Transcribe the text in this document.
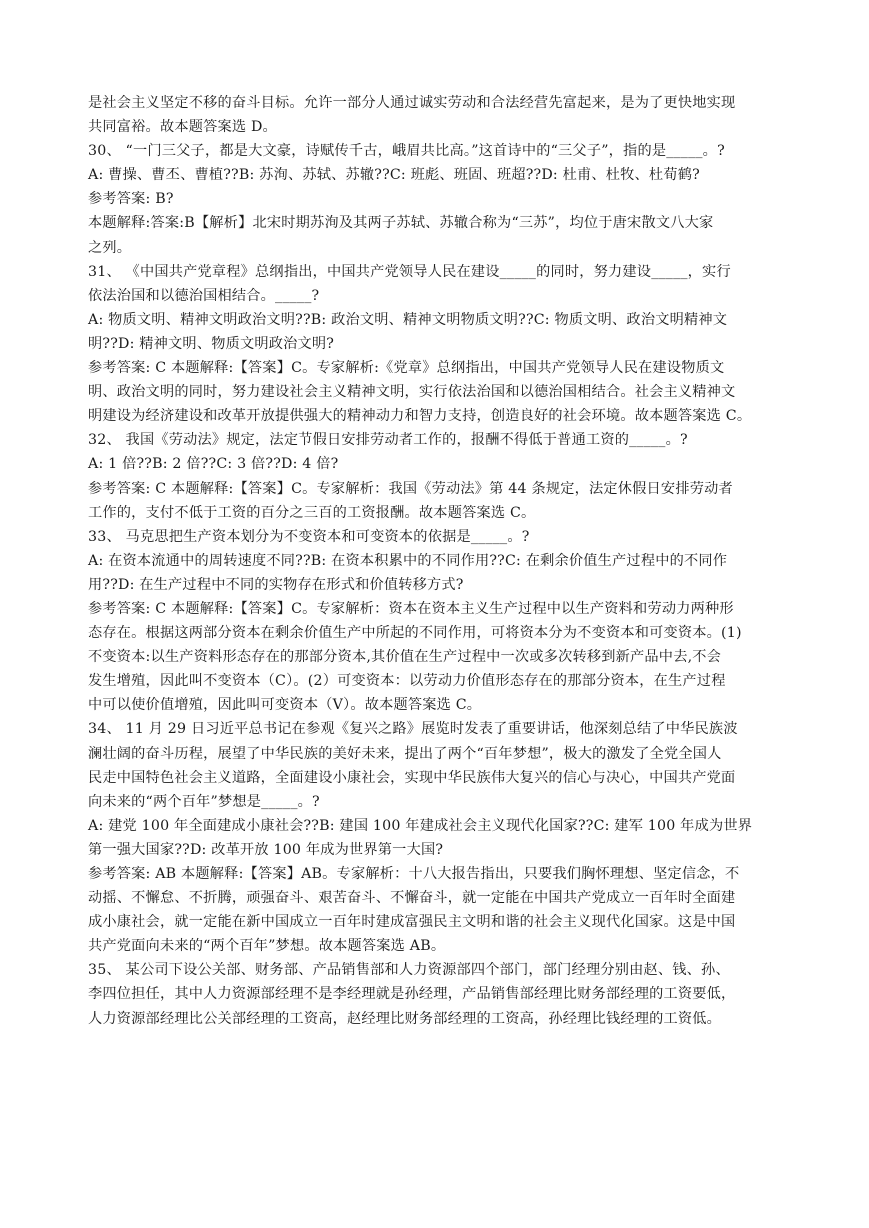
是社会主义坚定不移的奋斗目标。允许一部分人通过诚实劳动和合法经营先富起来，是为了更快地实现
共同富裕。故本题答案选 D。
30、 “一门三父子，都是大文豪，诗赋传千古，峨眉共比高。”这首诗中的“三父子”，指的是_____。?
A: 曹操、曹丕、曹植??B: 苏洵、苏轼、苏辙??C: 班彪、班固、班超??D: 杜甫、杜牧、杜荀鹤?
参考答案: B?
本题解释:答案:B【解析】北宋时期苏洵及其两子苏轼、苏辙合称为“三苏”，均位于唐宋散文八大家
之列。
31、 《中国共产党章程》总纲指出，中国共产党领导人民在建设_____的同时，努力建设_____，实行
依法治国和以德治国相结合。_____?
A: 物质文明、精神文明政治文明??B: 政治文明、精神文明物质文明??C: 物质文明、政治文明精神文
明??D: 精神文明、物质文明政治文明?
参考答案: C 本题解释:【答案】C。专家解析:《党章》总纲指出，中国共产党领导人民在建设物质文
明、政治文明的同时，努力建设社会主义精神文明，实行依法治国和以德治国相结合。社会主义精神文
明建设为经济建设和改革开放提供强大的精神动力和智力支持，创造良好的社会环境。故本题答案选 C。
32、 我国《劳动法》规定，法定节假日安排劳动者工作的，报酬不得低于普通工资的_____。?
A: 1 倍??B: 2 倍??C: 3 倍??D: 4 倍?
参考答案: C 本题解释:【答案】C。专家解析：我国《劳动法》第 44 条规定，法定休假日安排劳动者
工作的，支付不低于工资的百分之三百的工资报酬。故本题答案选 C。
33、 马克思把生产资本划分为不变资本和可变资本的依据是_____。?
A: 在资本流通中的周转速度不同??B: 在资本积累中的不同作用??C: 在剩余价值生产过程中的不同作
用??D: 在生产过程中不同的实物存在形式和价值转移方式?
参考答案: C 本题解释:【答案】C。专家解析：资本在资本主义生产过程中以生产资料和劳动力两种形
态存在。根据这两部分资本在剩余价值生产中所起的不同作用，可将资本分为不变资本和可变资本。(1)
不变资本:以生产资料形态存在的那部分资本,其价值在生产过程中一次或多次转移到新产品中去,不会
发生增殖，因此叫不变资本（C）。(2）可变资本：以劳动力价值形态存在的那部分资本，在生产过程
中可以使价值增殖，因此叫可变资本（V）。故本题答案选 C。
34、 11 月 29 日习近平总书记在参观《复兴之路》展览时发表了重要讲话，他深刻总结了中华民族波
澜壮阔的奋斗历程，展望了中华民族的美好未来，提出了两个“百年梦想”，极大的激发了全党全国人
民走中国特色社会主义道路，全面建设小康社会，实现中华民族伟大复兴的信心与决心，中国共产党面
向未来的“两个百年”梦想是_____。?
A: 建党 100 年全面建成小康社会??B: 建国 100 年建成社会主义现代化国家??C: 建军 100 年成为世界
第一强大国家??D: 改革开放 100 年成为世界第一大国?
参考答案: AB 本题解释:【答案】AB。专家解析：十八大报告指出，只要我们胸怀理想、坚定信念，不
动摇、不懈怠、不折腾，顽强奋斗、艰苦奋斗、不懈奋斗，就一定能在中国共产党成立一百年时全面建
成小康社会，就一定能在新中国成立一百年时建成富强民主文明和谐的社会主义现代化国家。这是中国
共产党面向未来的“两个百年”梦想。故本题答案选 AB。
35、 某公司下设公关部、财务部、产品销售部和人力资源部四个部门，部门经理分别由赵、钱、孙、
李四位担任，其中人力资源部经理不是李经理就是孙经理，产品销售部经理比财务部经理的工资要低，
人力资源部经理比公关部经理的工资高，赵经理比财务部经理的工资高，孙经理比钱经理的工资低。
